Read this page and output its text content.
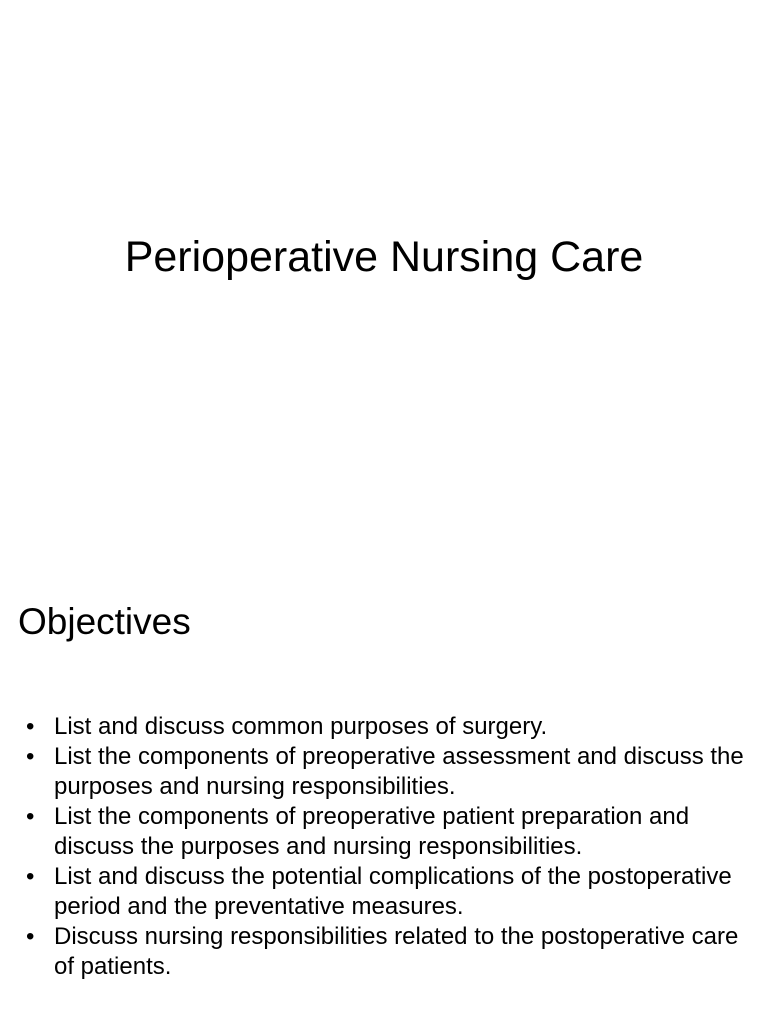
Perioperative Nursing Care
Objectives
• List and discuss common purposes of surgery.
• List the components of preoperative assessment and discuss the purposes and nursing responsibilities.
• List the components of preoperative patient preparation and discuss the purposes and nursing responsibilities.
• List and discuss the potential complications of the postoperative period and the preventative measures.
• Discuss nursing responsibilities related to the postoperative care of patients.
